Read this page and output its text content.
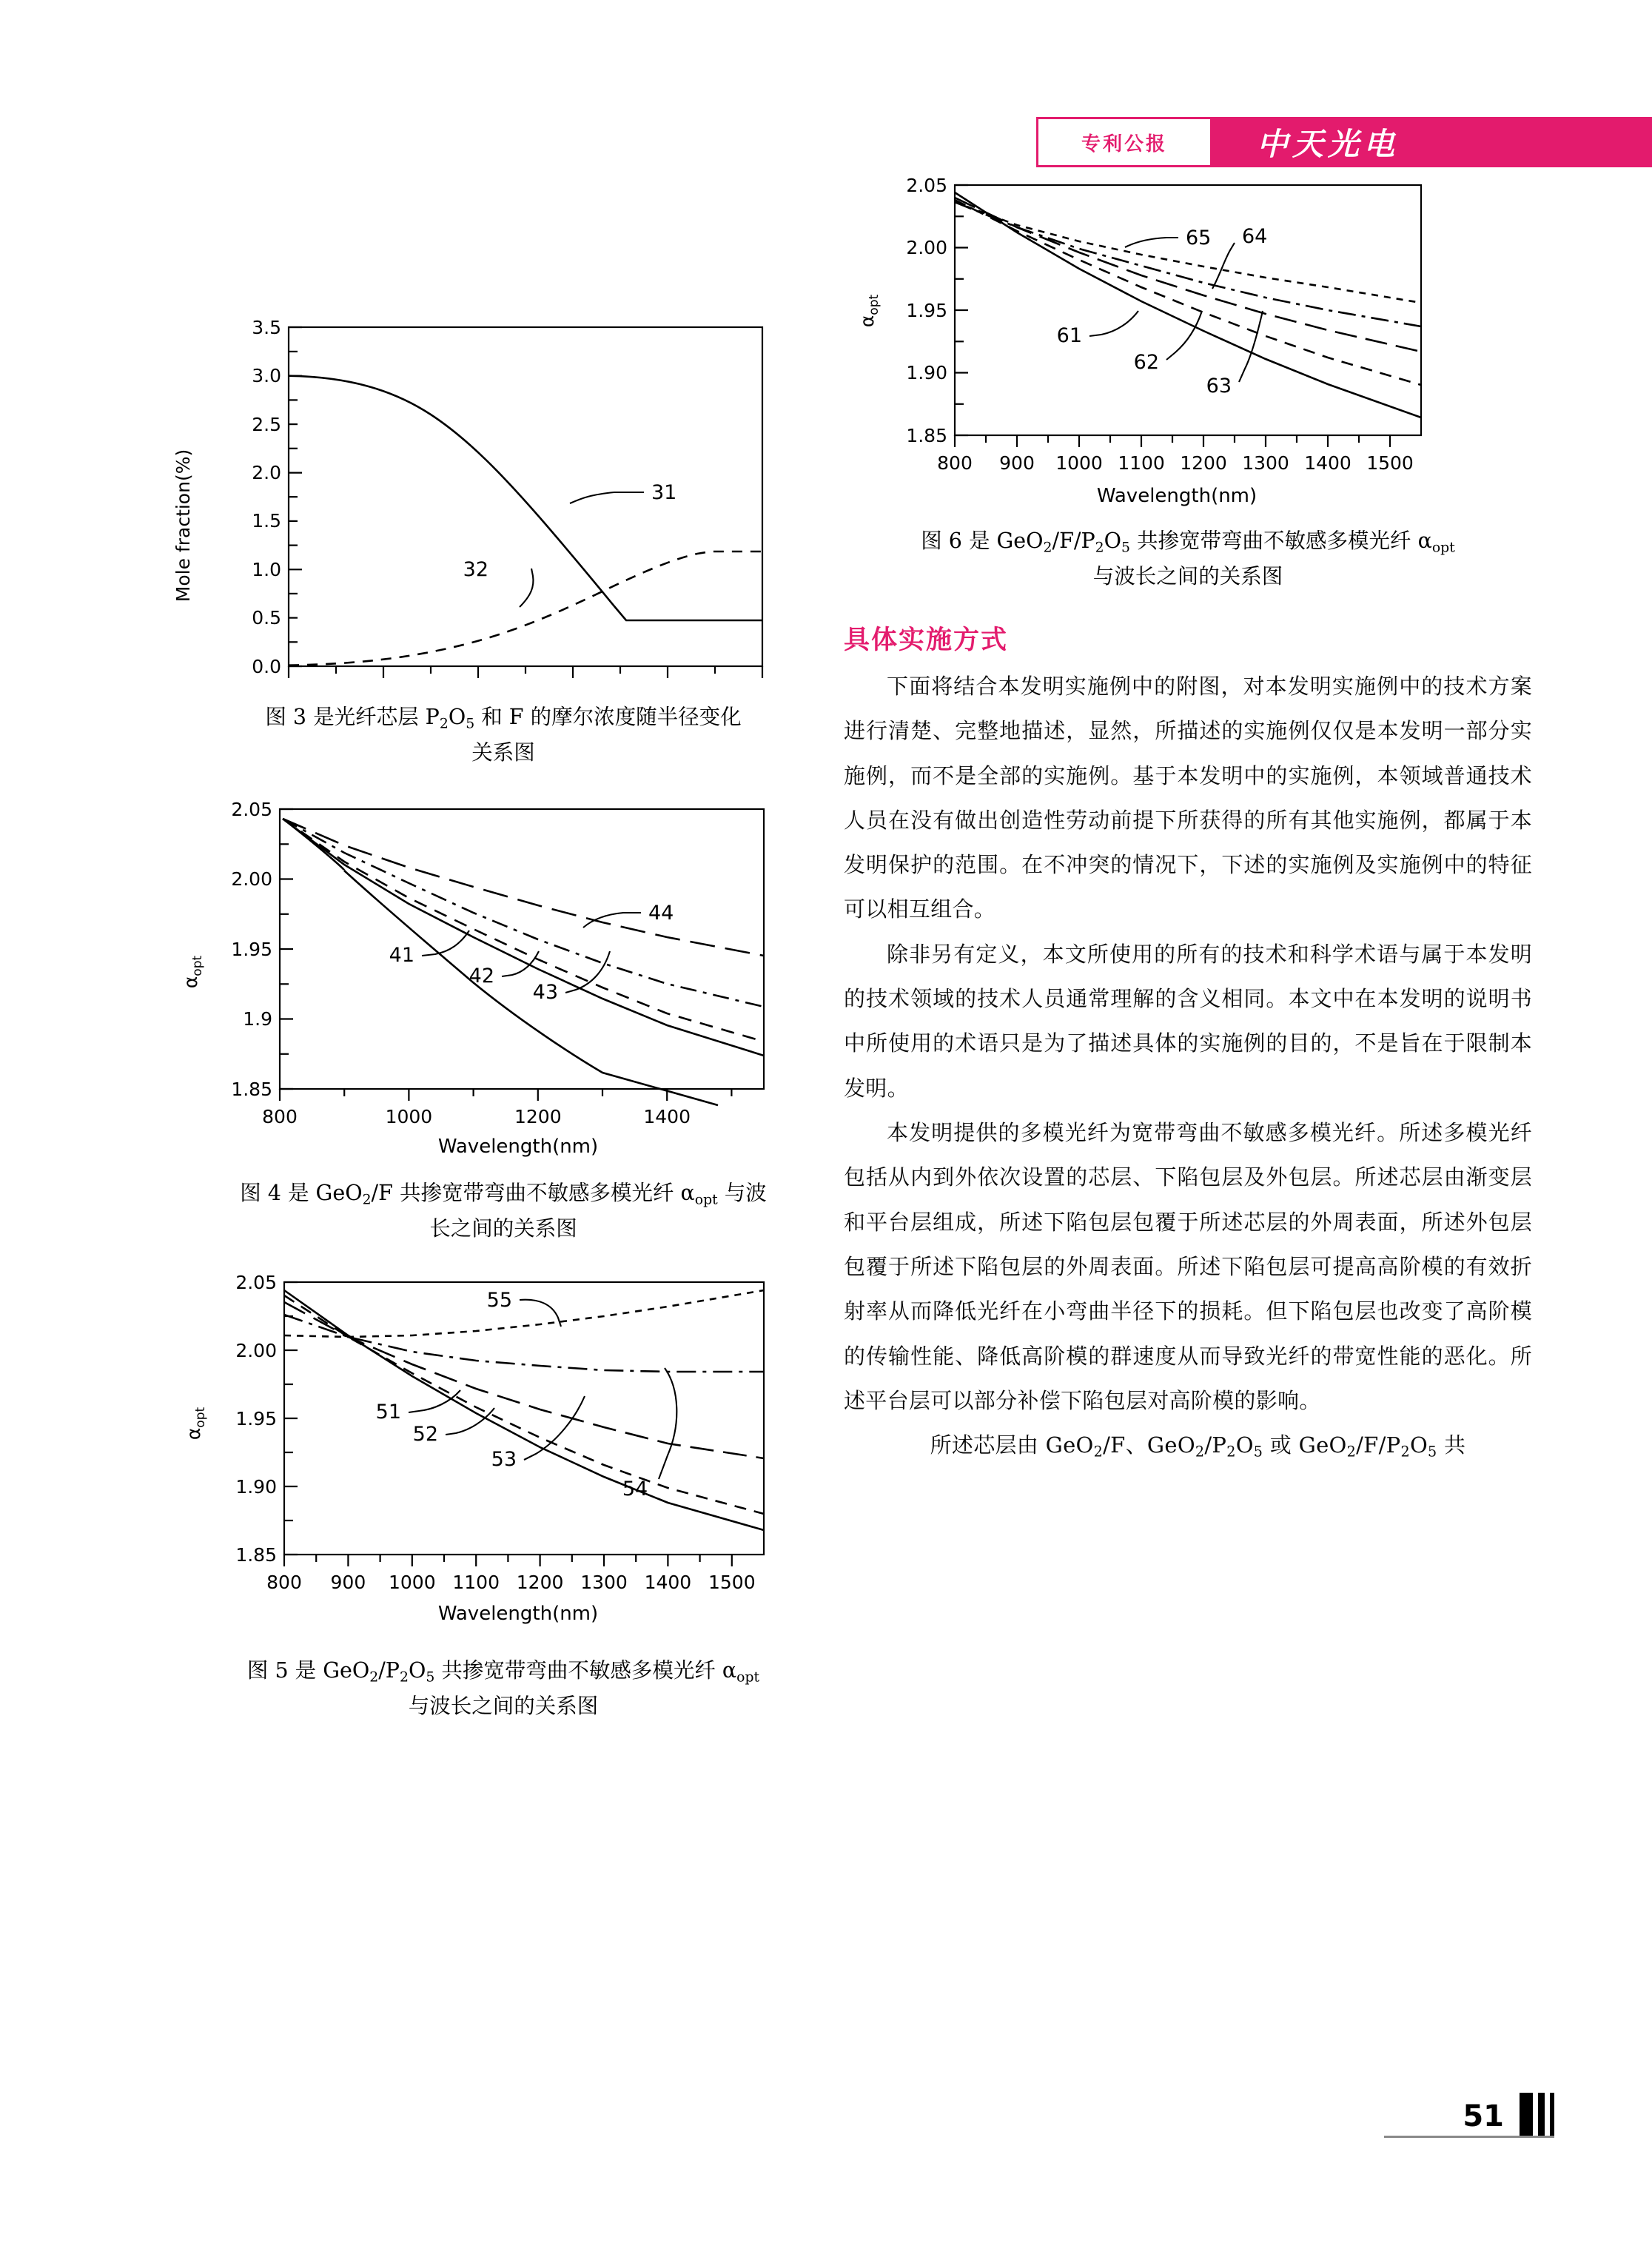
专利公报	中天光电
Mole fraction(%)
0.0
0.5
1.0
1.5
2.0
2.5
3.0
3.5
31
32
图 3 是光纤芯层 $P_2O_5$ 和 F 的摩尔浓度随半径变化
关系图
$\alpha_{opt}$
1.85
1.9
1.95
2.00
2.05
800	1000	1200	1400
44
41
42
43
Wavelength(nm)
图 4 是 GeO$_2$/F 共掺宽带弯曲不敏感多模光纤 $\alpha_{opt}$ 与波
长之间的关系图
$\alpha_{opt}$
1.85
1.90
1.95
2.00
2.05
800 900 1000 1100 1200 1300 1400 1500
55
51
52
53
54
Wavelength(nm)
图 5 是 $GeO_2/P_2O_5$ 共掺宽带弯曲不敏感多模光纤 $\alpha_{opt}$
与波长之间的关系图
$\alpha_{opt}$
1.85
1.90
1.95
2.00
2.05
800 900 1000 1100 1200 1300 1400 1500
65 64
61
62
63
Wavelength(nm)
图 6 是 $GeO_2/F/P_2O_5$ 共掺宽带弯曲不敏感多模光纤 $\alpha_{opt}$
与波长之间的关系图
具体实施方式

下面将结合本发明实施例中的附图，对本发明实施例中的技术方案进行清楚、完整地描述，显然，所描述的实施例仅仅是本发明一部分实施例，而不是全部的实施例。基于本发明中的实施例，本领域普通技术人员在没有做出创造性劳动前提下所获得的所有其他实施例，都属于本发明保护的范围。在不冲突的情况下，下述的实施例及实施例中的特征可以相互组合。

除非另有定义，本文所使用的所有的技术和科学术语与属于本发明的技术领域的技术人员通常理解的含义相同。本文中在本发明的说明书中所使用的术语只是为了描述具体的实施例的目的，不是旨在于限制本发明。

本发明提供的多模光纤为宽带弯曲不敏感多模光纤。所述多模光纤包括从内到外依次设置的芯层、下陷包层及外包层。所述芯层由渐变层和平台层组成，所述下陷包层包覆于所述芯层的外周表面，所述外包层包覆于所述下陷包层的外周表面。所述下陷包层可提高高阶模的有效折射率从而降低光纤在小弯曲半径下的损耗。但下陷包层也改变了高阶模的传输性能、降低高阶模的群速度从而导致光纤的带宽性能的恶化。所述平台层可以部分补偿下陷包层对高阶模的影响。

　　所述芯层由 GeO$_2$/F、$GeO_2/P_2O_5$ 或 $GeO_2/F/P_2O_5$ 共

51
